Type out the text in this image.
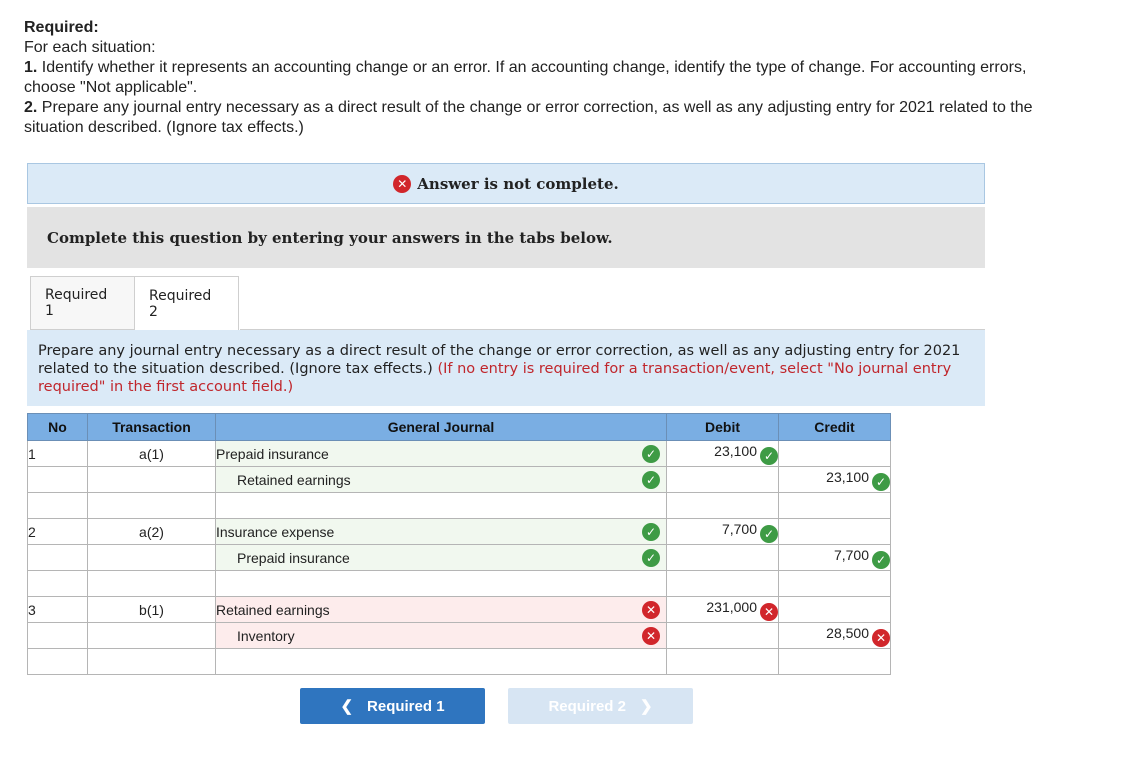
Required:

For each situation:

1. Identify whether it represents an accounting change or an error. If an accounting change, identify the type of change. For accounting errors, choose "Not applicable".

2. Prepare any journal entry necessary as a direct result of the change or error correction, as well as any adjusting entry for 2021 related to the situation described. (Ignore tax effects.)

✕ Answer is not complete.
Complete this question by entering your answers in the tabs below.
Required 1
Required 2
Prepare any journal entry necessary as a direct result of the change or error correction, as well as any adjusting entry for 2021 related to the situation described. (Ignore tax effects.) (If no entry is required for a transaction/event, select "No journal entry required" in the first account field.)
No	Transaction	General Journal	Debit	Credit
1	a(1)	Prepaid insurance ✓	23,100 ✓	
		Retained earnings ✓		23,100 ✓

2	a(2)	Insurance expense ✓	7,700 ✓	
		Prepaid insurance ✓		7,700 ✓

3	b(1)	Retained earnings ✕	231,000 ✕	
		Inventory ✕		28,500 ✕

❮ Required 1	Required 2 ❯
